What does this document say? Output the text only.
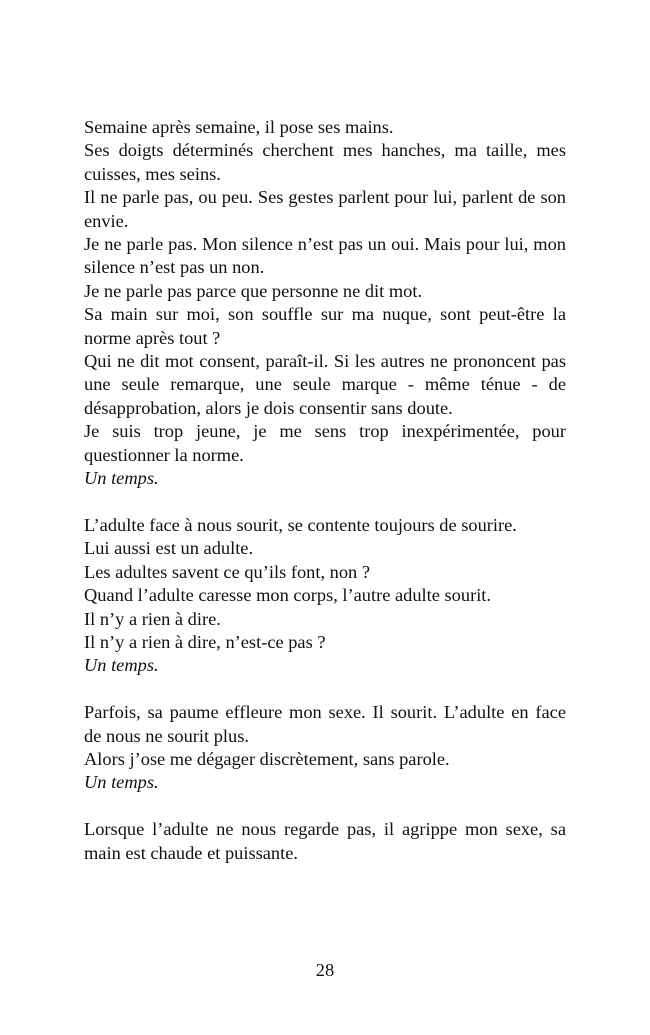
Semaine après semaine, il pose ses mains.

Ses doigts déterminés cherchent mes hanches, ma taille, mes cuisses, mes seins.

Il ne parle pas, ou peu. Ses gestes parlent pour lui, parlent de son envie.

Je ne parle pas. Mon silence n’est pas un oui. Mais pour lui, mon silence n’est pas un non.

Je ne parle pas parce que personne ne dit mot.

Sa main sur moi, son souffle sur ma nuque, sont peut-être la norme après tout ?

Qui ne dit mot consent, paraît-il. Si les autres ne prononcent pas une seule remarque, une seule marque - même ténue - de désapprobation, alors je dois consentir sans doute.

Je suis trop jeune, je me sens trop inexpérimentée, pour questionner la norme.

Un temps.

L’adulte face à nous sourit, se contente toujours de sourire.

Lui aussi est un adulte.

Les adultes savent ce qu’ils font, non ?

Quand l’adulte caresse mon corps, l’autre adulte sourit.

Il n’y a rien à dire.

Il n’y a rien à dire, n’est-ce pas ?

Un temps.

Parfois, sa paume effleure mon sexe. Il sourit. L’adulte en face de nous ne sourit plus.

Alors j’ose me dégager discrètement, sans parole.

Un temps.

Lorsque l’adulte ne nous regarde pas, il agrippe mon sexe, sa main est chaude et puissante.

28
